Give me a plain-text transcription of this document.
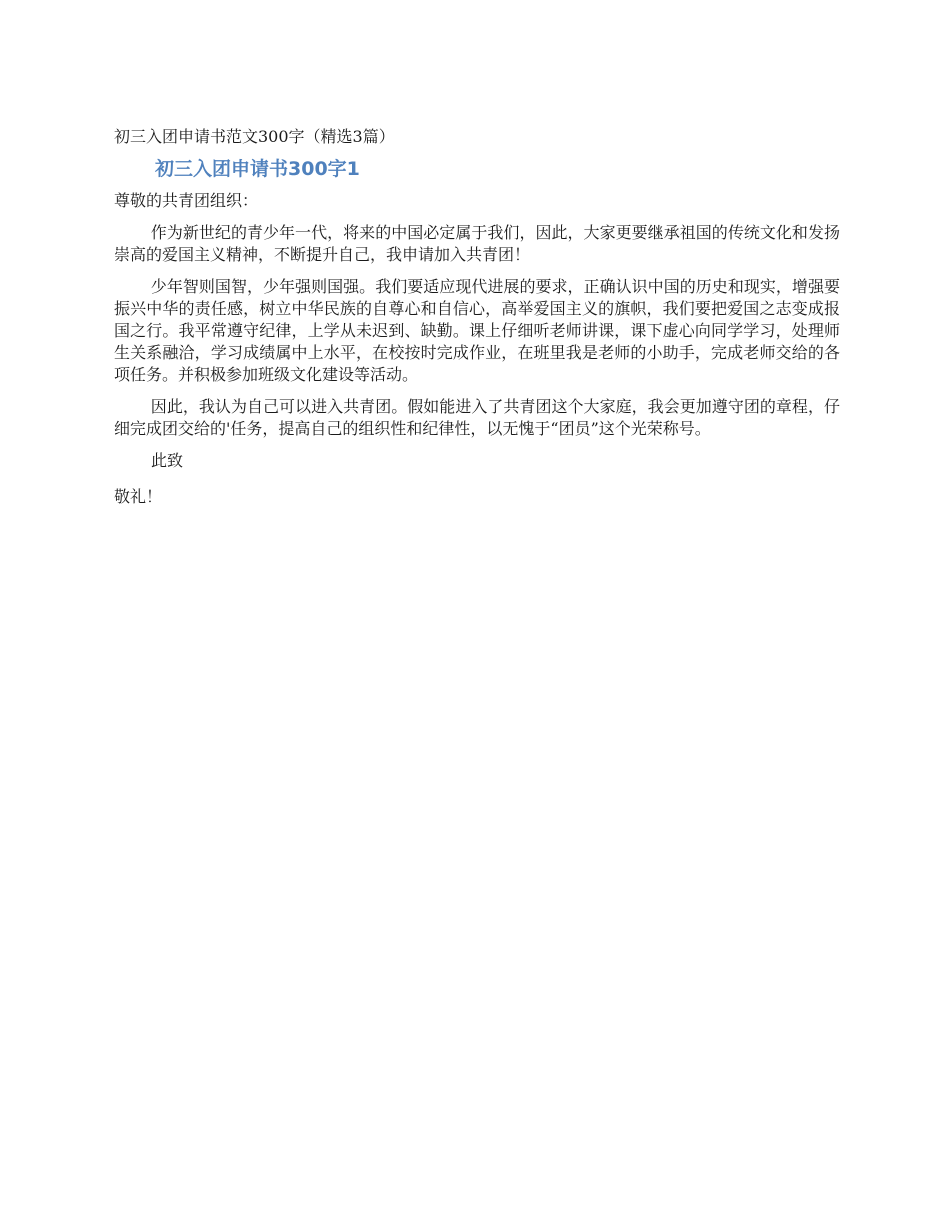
初三入团申请书范文300字（精选3篇）
初三入团申请书300字1
尊敬的共青团组织：

作为新世纪的青少年一代，将来的中国必定属于我们，因此，大家更要继承祖国的传统文化和发扬崇高的爱国主义精神，不断提升自己，我申请加入共青团！

少年智则国智，少年强则国强。我们要适应现代进展的要求，正确认识中国的历史和现实，增强要振兴中华的责任感，树立中华民族的自尊心和自信心，高举爱国主义的旗帜，我们要把爱国之志变成报国之行。我平常遵守纪律，上学从未迟到、缺勤。课上仔细听老师讲课，课下虚心向同学学习，处理师生关系融洽，学习成绩属中上水平，在校按时完成作业，在班里我是老师的小助手，完成老师交给的各项任务。并积极参加班级文化建设等活动。

因此，我认为自己可以进入共青团。假如能进入了共青团这个大家庭，我会更加遵守团的章程，仔细完成团交给的'任务，提高自己的组织性和纪律性，以无愧于“团员”这个光荣称号。

此致
敬礼！
